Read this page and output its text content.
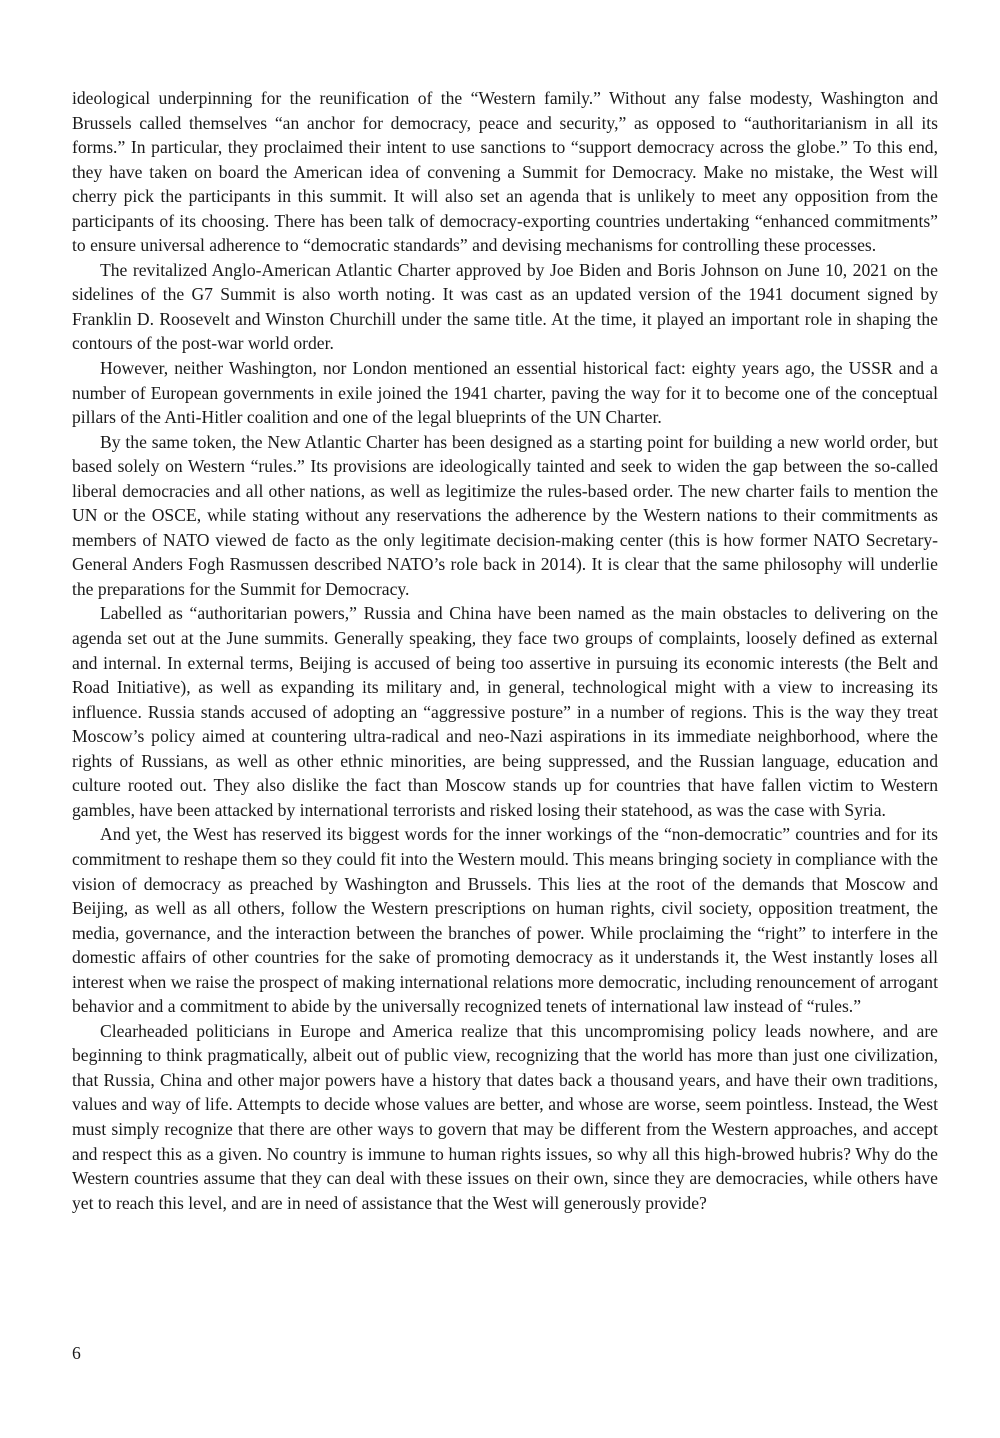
ideological underpinning for the reunification of the “Western family.” Without any false modesty, Washington and Brussels called themselves “an anchor for democracy, peace and security,” as opposed to “authoritarianism in all its forms.” In particular, they proclaimed their intent to use sanctions to “support democracy across the globe.” To this end, they have taken on board the American idea of convening a Summit for Democracy. Make no mistake, the West will cherry pick the participants in this summit. It will also set an agenda that is unlikely to meet any opposition from the participants of its choosing. There has been talk of democracy-exporting countries undertaking “enhanced commitments” to ensure universal adherence to “democratic standards” and devising mechanisms for controlling these processes.

The revitalized Anglo-American Atlantic Charter approved by Joe Biden and Boris Johnson on June 10, 2021 on the sidelines of the G7 Summit is also worth noting. It was cast as an updated version of the 1941 document signed by Franklin D. Roosevelt and Winston Churchill under the same title. At the time, it played an important role in shaping the contours of the post-war world order.

However, neither Washington, nor London mentioned an essential historical fact: eighty years ago, the USSR and a number of European governments in exile joined the 1941 charter, paving the way for it to become one of the conceptual pillars of the Anti-Hitler coalition and one of the legal blueprints of the UN Charter.

By the same token, the New Atlantic Charter has been designed as a starting point for building a new world order, but based solely on Western “rules.” Its provisions are ideologically tainted and seek to widen the gap between the so-called liberal democracies and all other nations, as well as legitimize the rules-based order. The new charter fails to mention the UN or the OSCE, while stating without any reservations the adherence by the Western nations to their commitments as members of NATO viewed de facto as the only legitimate decision-making center (this is how former NATO Secretary-General Anders Fogh Rasmussen described NATO’s role back in 2014). It is clear that the same philosophy will underlie the preparations for the Summit for Democracy.

Labelled as “authoritarian powers,” Russia and China have been named as the main obstacles to delivering on the agenda set out at the June summits. Generally speaking, they face two groups of complaints, loosely defined as external and internal. In external terms, Beijing is accused of being too assertive in pursuing its economic interests (the Belt and Road Initiative), as well as expanding its military and, in general, technological might with a view to increasing its influence. Russia stands accused of adopting an “aggressive posture” in a number of regions. This is the way they treat Moscow’s policy aimed at countering ultra-radical and neo-Nazi aspirations in its immediate neighborhood, where the rights of Russians, as well as other ethnic minorities, are being suppressed, and the Russian language, education and culture rooted out. They also dislike the fact than Moscow stands up for countries that have fallen victim to Western gambles, have been attacked by international terrorists and risked losing their statehood, as was the case with Syria.

And yet, the West has reserved its biggest words for the inner workings of the “non-democratic” countries and for its commitment to reshape them so they could fit into the Western mould. This means bringing society in compliance with the vision of democracy as preached by Washington and Brussels. This lies at the root of the demands that Moscow and Beijing, as well as all others, follow the Western prescriptions on human rights, civil society, opposition treatment, the media, governance, and the interaction between the branches of power. While proclaiming the “right” to interfere in the domestic affairs of other countries for the sake of promoting democracy as it understands it, the West instantly loses all interest when we raise the prospect of making international relations more democratic, including renouncement of arrogant behavior and a commitment to abide by the universally recognized tenets of international law instead of “rules.”

Clearheaded politicians in Europe and America realize that this uncompromising policy leads nowhere, and are beginning to think pragmatically, albeit out of public view, recognizing that the world has more than just one civilization, that Russia, China and other major powers have a history that dates back a thousand years, and have their own traditions, values and way of life. Attempts to decide whose values are better, and whose are worse, seem pointless. Instead, the West must simply recognize that there are other ways to govern that may be different from the Western approaches, and accept and respect this as a given. No country is immune to human rights issues, so why all this high-browed hubris? Why do the Western countries assume that they can deal with these issues on their own, since they are democracies, while others have yet to reach this level, and are in need of assistance that the West will generously provide?

6
